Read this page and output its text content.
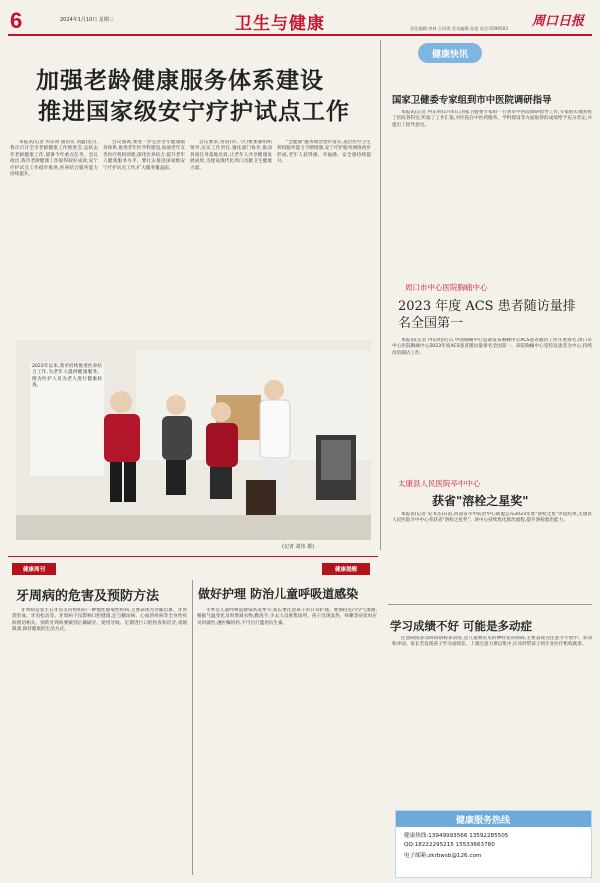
6	2024年1月10日 星期三	卫生与健康	责任编辑:李林 王珂琪 美术编辑:张旭 电话:0599503 周口日报
加强老龄健康服务体系建设
推进国家级安宁疗护试点工作

本报讯(记者 冉东明 通讯员 刘鑫)近日,我市召开全市老龄健康工作推进会,总结去年老龄健康工作,部署今年重点任务。会议指出,我市老龄健康工作取得较好成效,安宁疗护试点工作稳步推进,医养结合服务能力持续提升。

会议强调,要进一步完善老年健康服务体系,推进老年医学科建设,加强老年友善医疗机构创建,深化医养结合,提升老年人健康服务水平。要扎实推进国家级安宁疗护试点工作,扩大服务覆盖面。

会议要求,各县(市、区)要加强组织领导,压实工作责任,强化部门协作,推动各项任务落地见效,让老年人共享健康发展成果,为建设现代化周口贡献卫生健康力量。

"全健康"服务理念逐步落实,基层医疗卫生机构服务能力不断增强,安宁疗护服务网络初步形成,老年人获得感、幸福感、安全感持续提升。

2023年以来,我市持续推进医养结合工作,为老年人提供健康服务。图为医护人员为老人进行健康检查。
(记者 刘伟 摄)
健康快讯
国家卫健委专家组到市中医院调研指导

本报讯(记者 冉东明)1月4日,国家卫健委专家组一行到市中医院调研指导工作,专家组实地查看了医院各科室,听取了工作汇报,对医院在中医药服务、学科建设等方面取得的成绩给予充分肯定,并提出了指导意见。

周口市中心医院胸痛中心
2023 年度 ACS 患者随访量排名全国第一

本报讯(记者 冉东明)近日,中国胸痛中心总部发布胸痛中心ACS患者随访工作年度排名,周口市中心医院胸痛中心2023年度ACS患者随访量排名全国第一。该院胸痛中心坚持以患者为中心,持续改进随访工作。

太康县人民医院卒中中心
获省"溶栓之星奖"

本报讯(记者 史书杰)日前,河南省卒中防治中心联盟公布2023年度"溶栓之星"评选结果,太康县人民医院卒中中心荣获省"溶栓之星奖"。该中心持续优化救治流程,提升溶栓救治能力。

健康周刊	健康提醒
牙周病的危害及预防方法

牙周病是发生在牙齿支持组织的一种慢性感染性疾病,主要表现为牙龈出血、牙周袋形成、牙齿松动等。牙周病不仅影响口腔健康,还与糖尿病、心血管疾病等全身性疾病密切相关。预防牙周病要做到正确刷牙、使用牙线、定期进行口腔检查和洁牙,戒烟限酒,保持健康的生活方式。

做好护理 防治儿童呼吸道感染

冬季是儿童呼吸道感染高发季节,家长要注意孩子的日常护理。要保持室内空气流通,根据气温变化及时增减衣物,勤洗手,少去人员密集场所。孩子出现发热、咳嗽等症状时应及时就医,遵医嘱用药,不可自行滥用抗生素。	学习成绩不好 可能是多动症

注意缺陷多动障碍俗称多动症,是儿童期常见的神经发育障碍,主要表现为注意力不集中、多动和冲动。家长若发现孩子学习成绩差、上课注意力难以集中,应及时带孩子到专业医疗机构就诊。

健康服务热线
健康热线:13949993566 13592285505
QQ:18222295215 15533663780
电子邮箱:zkrbwsb@126.com
